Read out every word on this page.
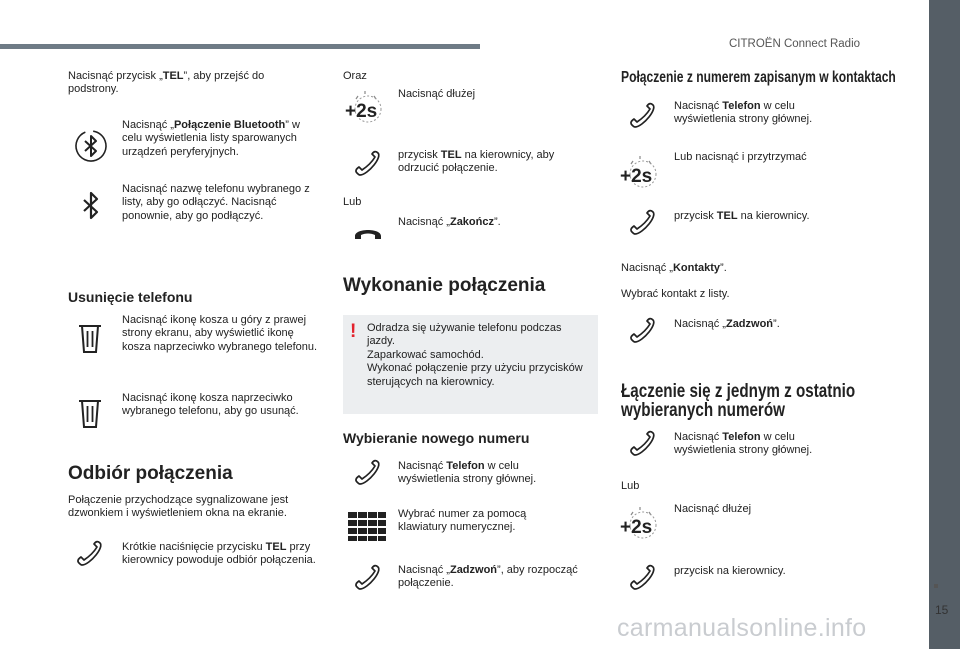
CITROËN Connect Radio
15
carmanualsonline.info
Nacisnąć przycisk „TEL”, aby przejść do podstrony.
Nacisnąć „Połączenie Bluetooth” w celu wyświetlenia listy sparowanych urządzeń peryferyjnych.
Nacisnąć nazwę telefonu wybranego z listy, aby go odłączyć. Nacisnąć ponownie, aby go podłączyć.
Usunięcie telefonu
Nacisnąć ikonę kosza u góry z prawej strony ekranu, aby wyświetlić ikonę kosza naprzeciwko wybranego telefonu.
Nacisnąć ikonę kosza naprzeciwko wybranego telefonu, aby go usunąć.
Odbiór połączenia
Połączenie przychodzące sygnalizowane jest dzwonkiem i wyświetleniem okna na ekranie.
Krótkie naciśnięcie przycisku TEL przy kierownicy powoduje odbiór połączenia.
Oraz
+2s
Nacisnąć dłużej
przycisk TEL na kierownicy, aby odrzucić połączenie.
Lub
Nacisnąć „Zakończ”.
Wykonanie połączenia
! Odradza się używanie telefonu podczas jazdy.
Zaparkować samochód.
Wykonać połączenie przy użyciu przycisków sterujących na kierownicy.
Wybieranie nowego numeru
Nacisnąć Telefon w celu wyświetlenia strony głównej.
Wybrać numer za pomocą klawiatury numerycznej.
Nacisnąć „Zadzwoń”, aby rozpocząć połączenie.
Połączenie z numerem zapisanym w kontaktach
Nacisnąć Telefon w celu wyświetlenia strony głównej.
+2s
Lub nacisnąć i przytrzymać
przycisk TEL na kierownicy.
Nacisnąć „Kontakty”.
Wybrać kontakt z listy.
Nacisnąć „Zadzwoń”.
Łączenie się z jednym z ostatnio
wybieranych numerów
Nacisnąć Telefon w celu wyświetlenia strony głównej.
Lub
+2s
Nacisnąć dłużej
przycisk na kierownicy.
